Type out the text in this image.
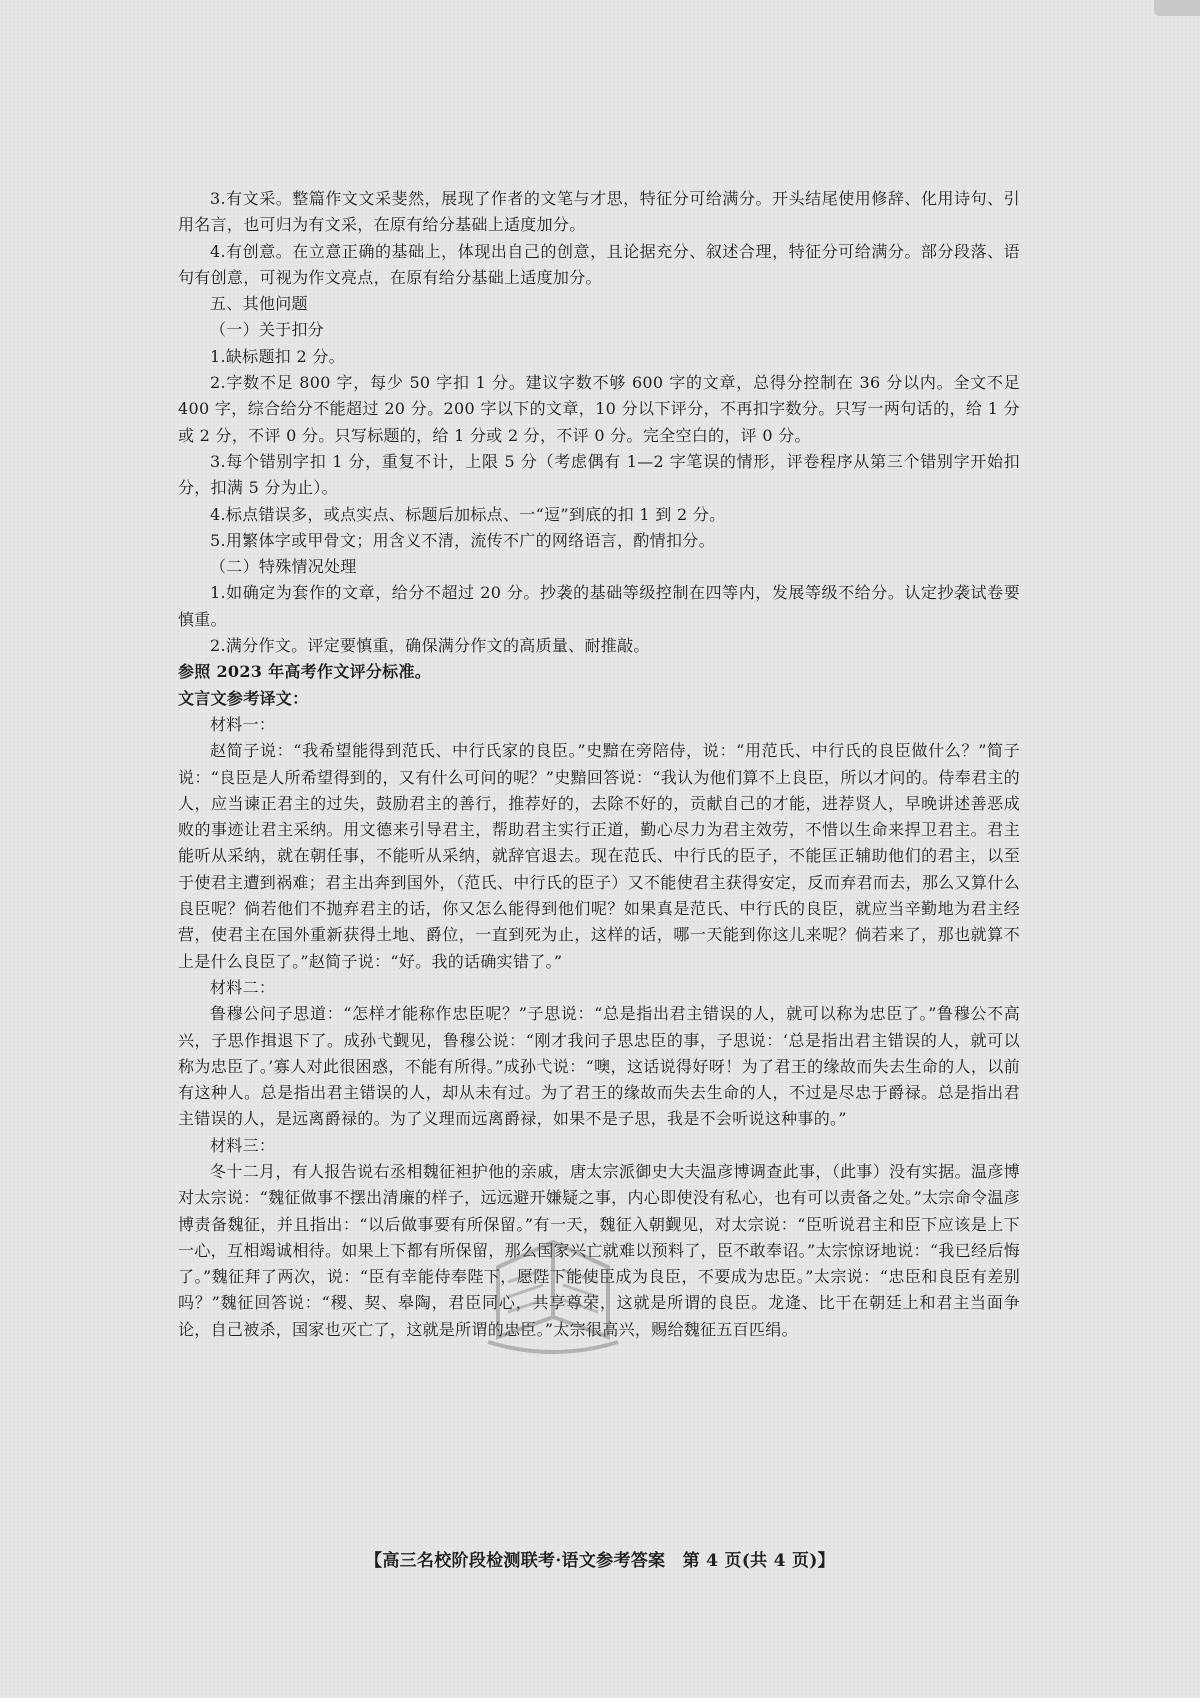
3.有文采。整篇作文文采斐然，展现了作者的文笔与才思，特征分可给满分。开头结尾使用修辞、化用诗句、引用名言，也可归为有文采，在原有给分基础上适度加分。

4.有创意。在立意正确的基础上，体现出自己的创意，且论据充分、叙述合理，特征分可给满分。部分段落、语句有创意，可视为作文亮点，在原有给分基础上适度加分。

五、其他问题

（一）关于扣分

1.缺标题扣 2 分。

2.字数不足 800 字，每少 50 字扣 1 分。建议字数不够 600 字的文章，总得分控制在 36 分以内。全文不足 400 字，综合给分不能超过 20 分。200 字以下的文章，10 分以下评分，不再扣字数分。只写一两句话的，给 1 分或 2 分，不评 0 分。只写标题的，给 1 分或 2 分，不评 0 分。完全空白的，评 0 分。

3.每个错别字扣 1 分，重复不计，上限 5 分（考虑偶有 1—2 字笔误的情形，评卷程序从第三个错别字开始扣分，扣满 5 分为止）。

4.标点错误多，或点实点、标题后加标点、一“逗”到底的扣 1 到 2 分。

5.用繁体字或甲骨文；用含义不清，流传不广的网络语言，酌情扣分。

（二）特殊情况处理

1.如确定为套作的文章，给分不超过 20 分。抄袭的基础等级控制在四等内，发展等级不给分。认定抄袭试卷要慎重。

2.满分作文。评定要慎重，确保满分作文的高质量、耐推敲。

参照 2023 年高考作文评分标准。

文言文参考译文：

材料一：

赵简子说：“我希望能得到范氏、中行氏家的良臣。”史黯在旁陪侍，说：“用范氏、中行氏的良臣做什么？”简子说：“良臣是人所希望得到的，又有什么可问的呢？”史黯回答说：“我认为他们算不上良臣，所以才问的。侍奉君主的人，应当谏正君主的过失，鼓励君主的善行，推荐好的，去除不好的，贡献自己的才能，进荐贤人，早晚讲述善恶成败的事迹让君主采纳。用文德来引导君主，帮助君主实行正道，勤心尽力为君主效劳，不惜以生命来捍卫君主。君主能听从采纳，就在朝任事，不能听从采纳，就辞官退去。现在范氏、中行氏的臣子，不能匡正辅助他们的君主，以至于使君主遭到祸难；君主出奔到国外，（范氏、中行氏的臣子）又不能使君主获得安定，反而弃君而去，那么又算什么良臣呢？倘若他们不抛弃君主的话，你又怎么能得到他们呢？如果真是范氏、中行氏的良臣，就应当辛勤地为君主经营，使君主在国外重新获得土地、爵位，一直到死为止，这样的话，哪一天能到你这儿来呢？倘若来了，那也就算不上是什么良臣了。”赵简子说：“好。我的话确实错了。”

材料二：

鲁穆公问子思道：“怎样才能称作忠臣呢？”子思说：“总是指出君主错误的人，就可以称为忠臣了。”鲁穆公不高兴，子思作揖退下了。成孙弋觐见，鲁穆公说：“刚才我问子思忠臣的事，子思说：‘总是指出君主错误的人，就可以称为忠臣了。’寡人对此很困惑，不能有所得。”成孙弋说：“噢，这话说得好呀！为了君王的缘故而失去生命的人，以前有这种人。总是指出君主错误的人，却从未有过。为了君王的缘故而失去生命的人，不过是尽忠于爵禄。总是指出君主错误的人，是远离爵禄的。为了义理而远离爵禄，如果不是子思，我是不会听说这种事的。”

材料三：

冬十二月，有人报告说右丞相魏征袒护他的亲戚，唐太宗派御史大夫温彦博调查此事，（此事）没有实据。温彦博对太宗说：“魏征做事不摆出清廉的样子，远远避开嫌疑之事，内心即使没有私心，也有可以责备之处。”太宗命令温彦博责备魏征，并且指出：“以后做事要有所保留。”有一天，魏征入朝觐见，对太宗说：“臣听说君主和臣下应该是上下一心，互相竭诚相待。如果上下都有所保留，那么国家兴亡就难以预料了，臣不敢奉诏。”太宗惊讶地说：“我已经后悔了。”魏征拜了两次，说：“臣有幸能侍奉陛下，愿陛下能使臣成为良臣，不要成为忠臣。”太宗说：“忠臣和良臣有差别吗？”魏征回答说：“稷、契、皋陶，君臣同心，共享尊荣，这就是所谓的良臣。龙逄、比干在朝廷上和君主当面争论，自己被杀，国家也灭亡了，这就是所谓的忠臣。”太宗很高兴，赐给魏征五百匹绢。

【高三名校阶段检测联考·语文参考答案　第 4 页(共 4 页)】
